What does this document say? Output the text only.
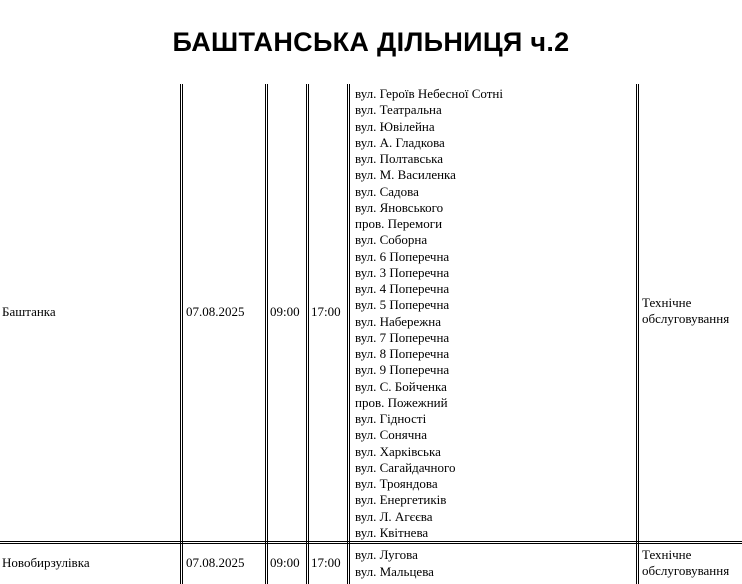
БАШТАНСЬКА ДІЛЬНИЦЯ ч.2
Баштанка	07.08.2025 09:00 17:00
вул. Героїв Небесної Сотні
вул. Театральна
вул. Ювілейна
вул. А. Гладкова
вул. Полтавська
вул. М. Василенка
вул. Садова
вул. Яновського
пров. Перемоги
вул. Соборна
вул. 6 Поперечна
вул. 3 Поперечна
вул. 4 Поперечна
вул. 5 Поперечна
вул. Набережна
вул. 7 Поперечна
вул. 8 Поперечна
вул. 9 Поперечна
вул. С. Бойченка
пров. Пожежний
вул. Гідності
вул. Сонячна
вул. Харківська
вул. Сагайдачного
вул. Трояндова
вул. Енергетиків
вул. Л. Агєєва
вул. Квітнева
Технічне обслуговування
Новобирзулівка	07.08.2025 09:00 17:00
вул. Лугова
вул. Мальцева
Технічне обслуговування
